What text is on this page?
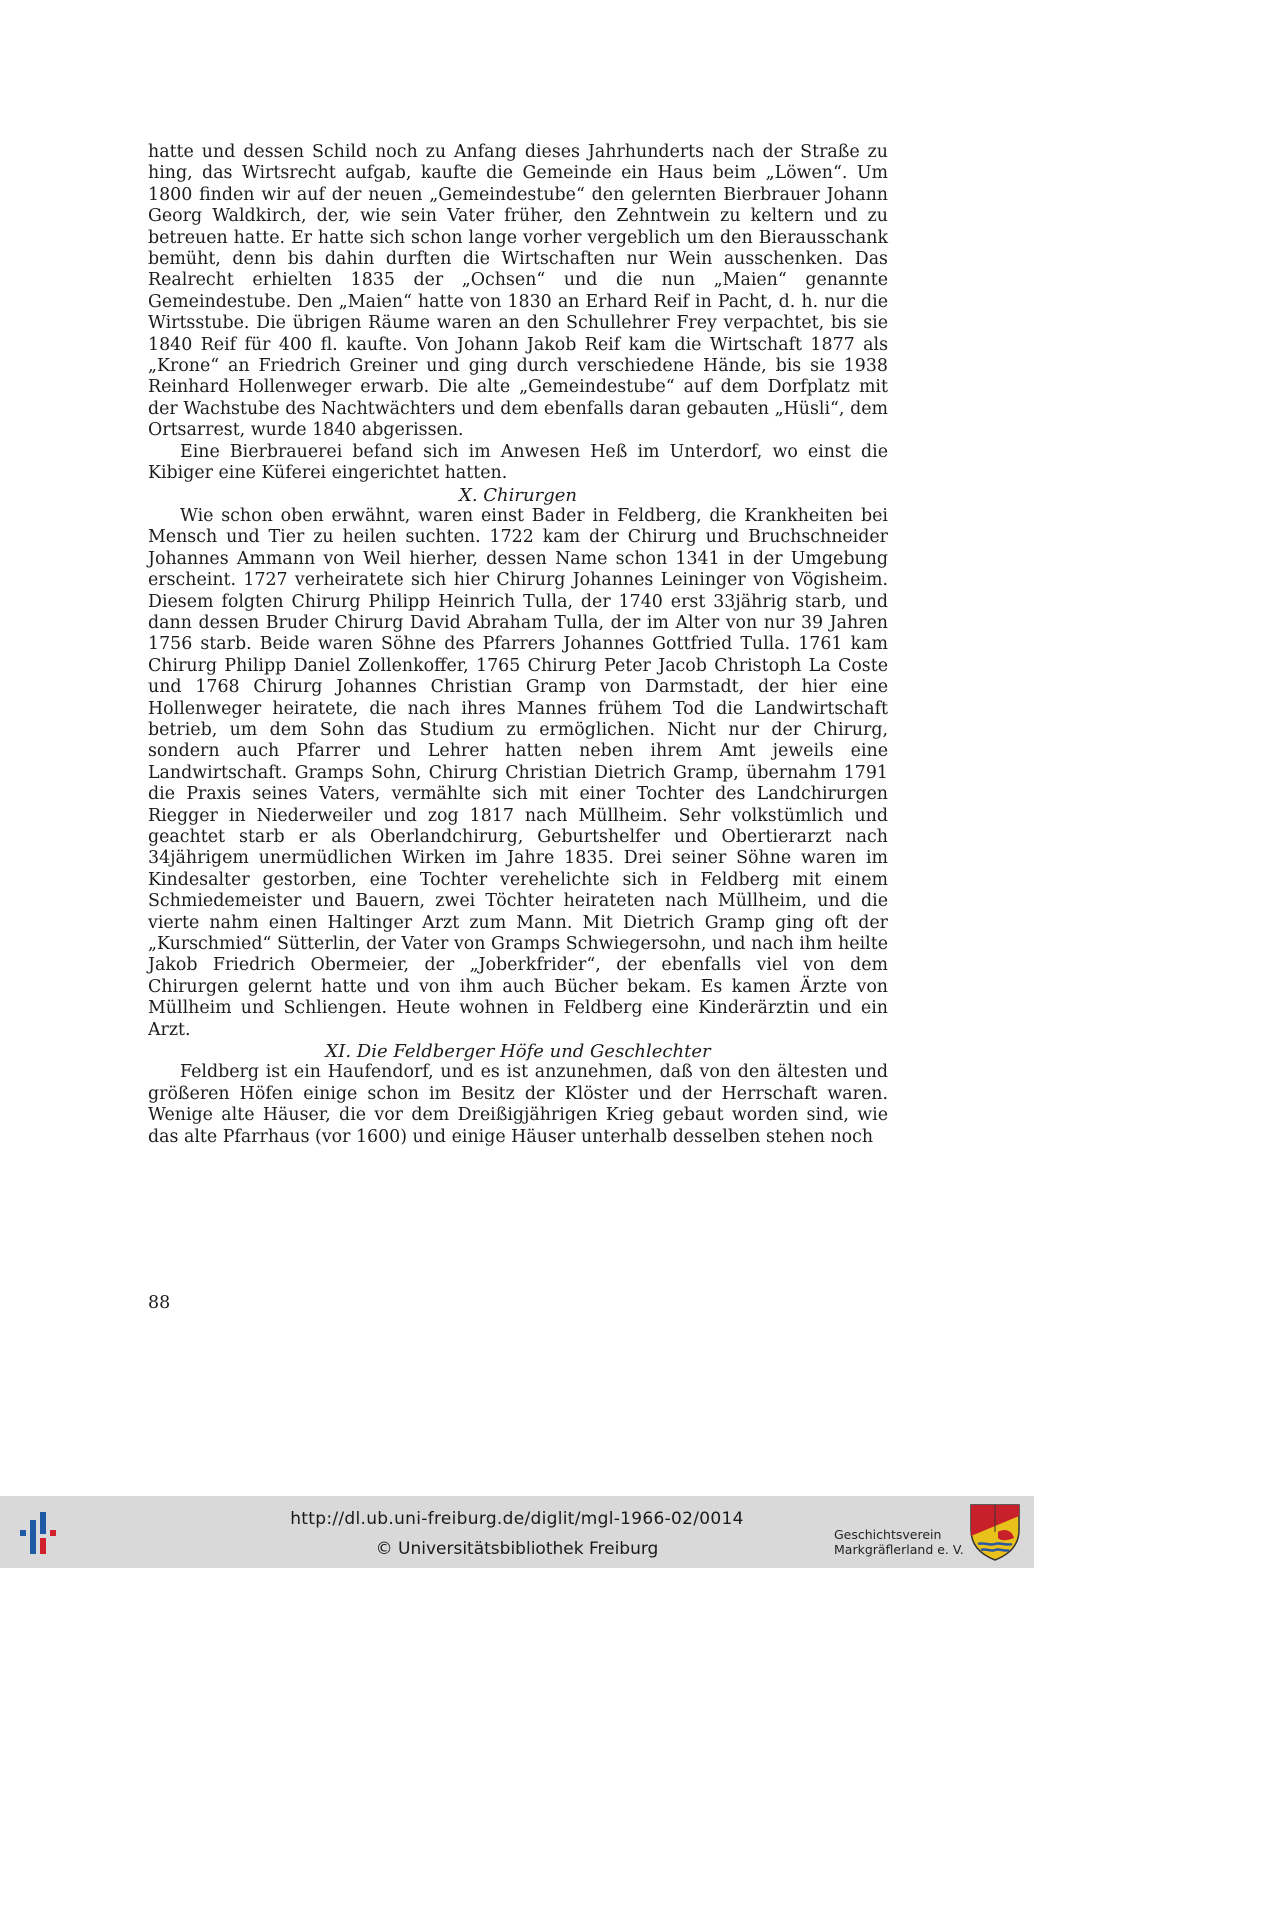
hatte und dessen Schild noch zu Anfang dieses Jahrhunderts nach der Straße zu hing, das Wirtsrecht aufgab, kaufte die Gemeinde ein Haus beim „Löwen“. Um 1800 finden wir auf der neuen „Gemeindestube“ den gelernten Bierbrauer Johann Georg Waldkirch, der, wie sein Vater früher, den Zehntwein zu keltern und zu betreuen hatte. Er hatte sich schon lange vorher vergeblich um den Bierausschank bemüht, denn bis dahin durften die Wirtschaften nur Wein ausschenken. Das Realrecht erhielten 1835 der „Ochsen“ und die nun „Maien“ genannte Gemeindestube. Den „Maien“ hatte von 1830 an Erhard Reif in Pacht, d. h. nur die Wirtsstube. Die übrigen Räume waren an den Schullehrer Frey verpachtet, bis sie 1840 Reif für 400 fl. kaufte. Von Johann Jakob Reif kam die Wirtschaft 1877 als „Krone“ an Friedrich Greiner und ging durch verschiedene Hände, bis sie 1938 Reinhard Hollenweger erwarb. Die alte „Gemeindestube“ auf dem Dorfplatz mit der Wachstube des Nachtwächters und dem ebenfalls daran gebauten „Hüsli“, dem Ortsarrest, wurde 1840 abgerissen.

Eine Bierbrauerei befand sich im Anwesen Heß im Unterdorf, wo einst die Kibiger eine Küferei eingerichtet hatten.

X. Chirurgen

Wie schon oben erwähnt, waren einst Bader in Feldberg, die Krankheiten bei Mensch und Tier zu heilen suchten. 1722 kam der Chirurg und Bruchschneider Johannes Ammann von Weil hierher, dessen Name schon 1341 in der Umgebung erscheint. 1727 verheiratete sich hier Chirurg Johannes Leininger von Vögisheim. Diesem folgten Chirurg Philipp Heinrich Tulla, der 1740 erst 33jährig starb, und dann dessen Bruder Chirurg David Abraham Tulla, der im Alter von nur 39 Jahren 1756 starb. Beide waren Söhne des Pfarrers Johannes Gottfried Tulla. 1761 kam Chirurg Philipp Daniel Zollenkoffer, 1765 Chirurg Peter Jacob Christoph La Coste und 1768 Chirurg Johannes Christian Gramp von Darmstadt, der hier eine Hollenweger heiratete, die nach ihres Mannes frühem Tod die Landwirtschaft betrieb, um dem Sohn das Studium zu ermöglichen. Nicht nur der Chirurg, sondern auch Pfarrer und Lehrer hatten neben ihrem Amt jeweils eine Landwirtschaft. Gramps Sohn, Chirurg Christian Dietrich Gramp, übernahm 1791 die Praxis seines Vaters, vermählte sich mit einer Tochter des Landchirurgen Riegger in Niederweiler und zog 1817 nach Müllheim. Sehr volkstümlich und geachtet starb er als Oberlandchirurg, Geburtshelfer und Obertierarzt nach 34jährigem unermüdlichen Wirken im Jahre 1835. Drei seiner Söhne waren im Kindesalter gestorben, eine Tochter verehelichte sich in Feldberg mit einem Schmiedemeister und Bauern, zwei Töchter heirateten nach Müllheim, und die vierte nahm einen Haltinger Arzt zum Mann. Mit Dietrich Gramp ging oft der „Kurschmied“ Sütterlin, der Vater von Gramps Schwiegersohn, und nach ihm heilte Jakob Friedrich Obermeier, der „Joberkfrider“, der ebenfalls viel von dem Chirurgen gelernt hatte und von ihm auch Bücher bekam. Es kamen Ärzte von Müllheim und Schliengen. Heute wohnen in Feldberg eine Kinderärztin und ein Arzt.

XI. Die Feldberger Höfe und Geschlechter

Feldberg ist ein Haufendorf, und es ist anzunehmen, daß von den ältesten und größeren Höfen einige schon im Besitz der Klöster und der Herrschaft waren. Wenige alte Häuser, die vor dem Dreißigjährigen Krieg gebaut worden sind, wie das alte Pfarrhaus (vor 1600) und einige Häuser unterhalb desselben stehen noch

88
http://dl.ub.uni-freiburg.de/diglit/mgl-1966-02/0014
© Universitätsbibliothek Freiburg
Geschichtsverein
Markgräflerland e. V.
